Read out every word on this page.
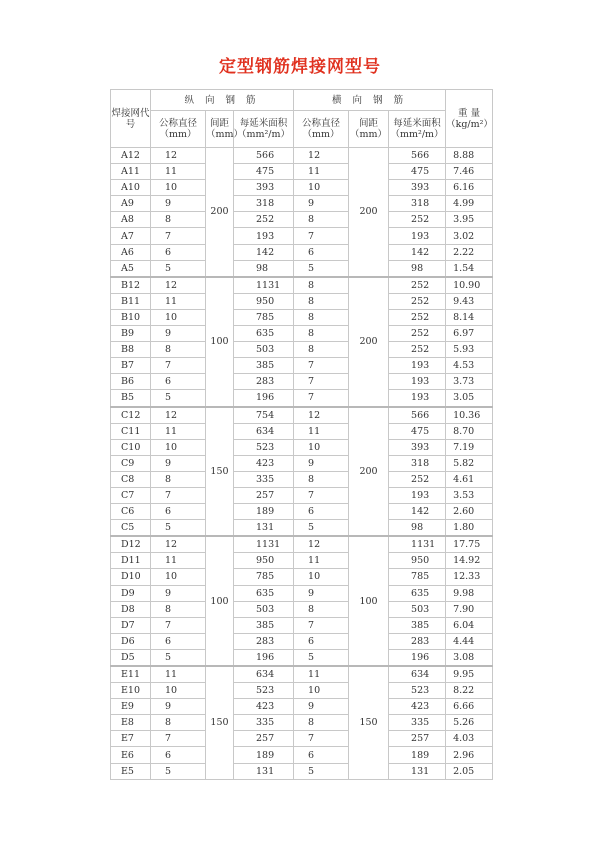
定型钢筋焊接网型号
焊接网代号	纵 向 钢 筋			横 向 钢 筋			重 量（kg/m²）
	公称直径（mm）	间距（mm）	每延米面积（mm²/m）	公称直径（mm）	间距（mm）	每延米面积（mm²/m）	
A12	12	200	566	12	200	566	8.88
A11	11		475	11		475	7.46
A10	10		393	10		393	6.16
A9	9		318	9		318	4.99
A8	8		252	8		252	3.95
A7	7		193	7		193	3.02
A6	6		142	6		142	2.22
A5	5		98	5		98	1.54
B12	12	100	1131	8	200	252	10.90
B11	11		950	8		252	9.43
B10	10		785	8		252	8.14
B9	9		635	8		252	6.97
B8	8		503	8		252	5.93
B7	7		385	7		193	4.53
B6	6		283	7		193	3.73
B5	5		196	7		193	3.05
C12	12	150	754	12	200	566	10.36
C11	11		634	11		475	8.70
C10	10		523	10		393	7.19
C9	9		423	9		318	5.82
C8	8		335	8		252	4.61
C7	7		257	7		193	3.53
C6	6		189	6		142	2.60
C5	5		131	5		98	1.80
D12	12	100	1131	12	100	1131	17.75
D11	11		950	11		950	14.92
D10	10		785	10		785	12.33
D9	9		635	9		635	9.98
D8	8		503	8		503	7.90
D7	7		385	7		385	6.04
D6	6		283	6		283	4.44
D5	5		196	5		196	3.08
E11	11	150	634	11	150	634	9.95
E10	10		523	10		523	8.22
E9	9		423	9		423	6.66
E8	8		335	8		335	5.26
E7	7		257	7		257	4.03
E6	6		189	6		189	2.96
E5	5		131	5		131	2.05
